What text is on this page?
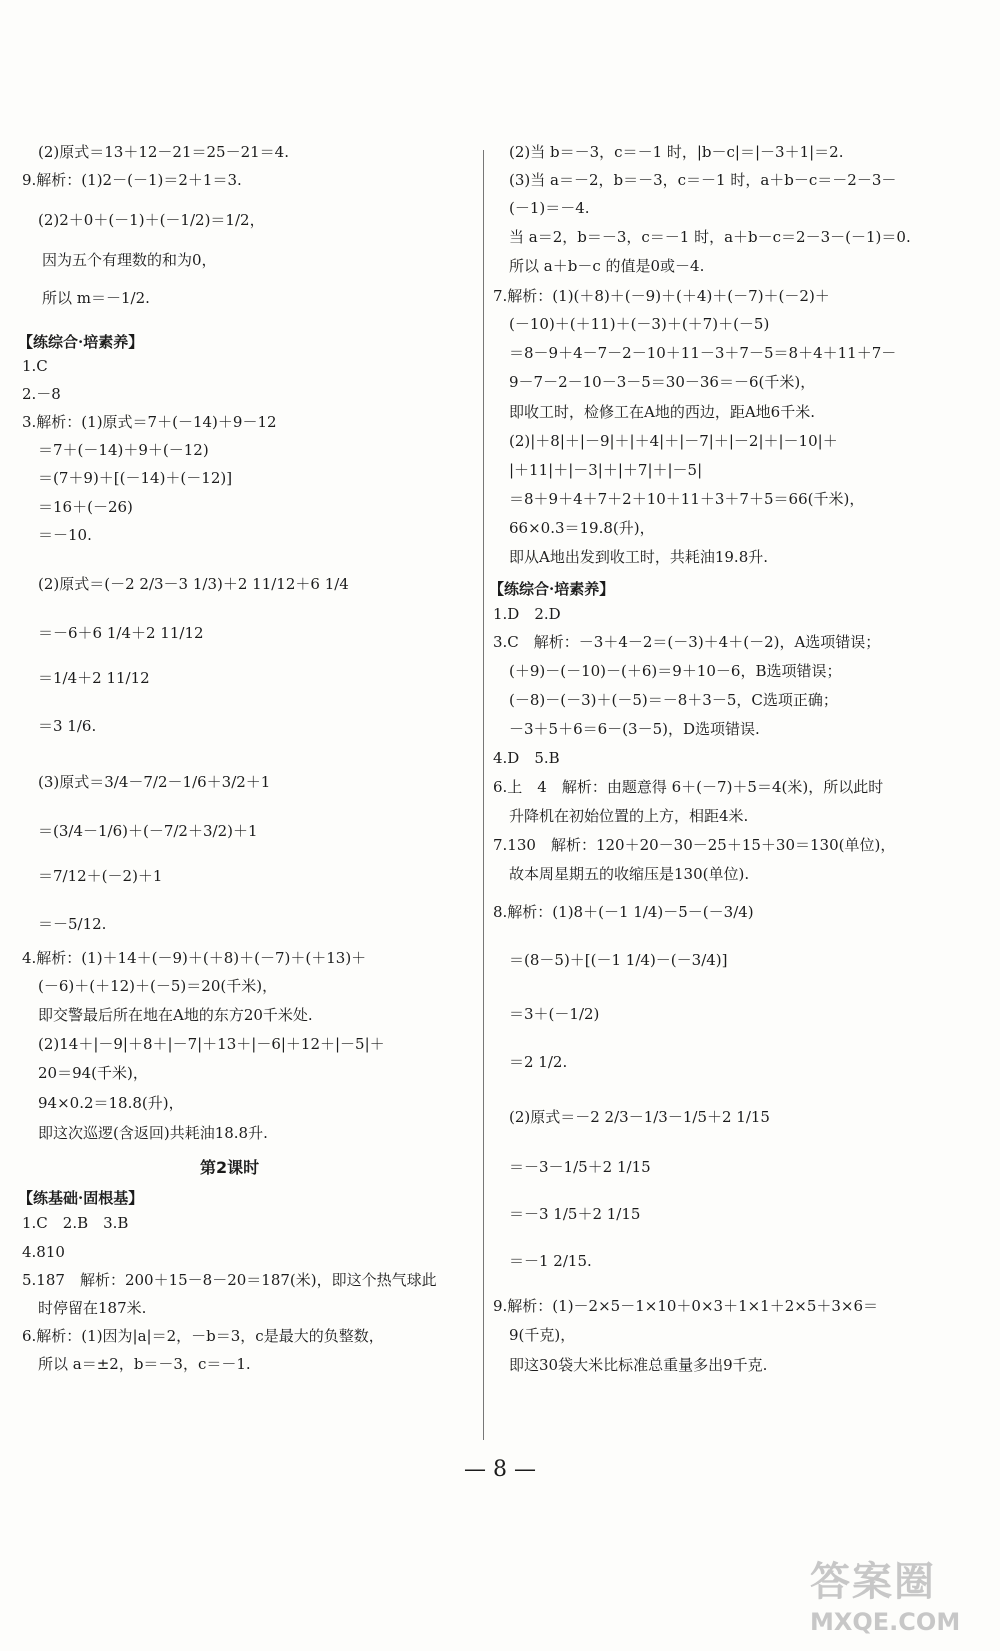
(2)原式＝13＋12－21＝25－21＝4.
9.解析：(1)2－(－1)＝2＋1＝3.
(2)2＋0＋(－1)＋(－1/2)＝1/2，
因为五个有理数的和为0，
所以 m＝－1/2.
【练综合·培素养】
1.C
2.－8
3.解析：(1)原式＝7＋(－14)＋9－12
＝7＋(－14)＋9＋(－12)
＝(7＋9)＋[(－14)＋(－12)]
＝16＋(－26)
＝－10.
(2)原式＝(－2 2/3－3 1/3)＋2 11/12＋6 1/4
＝－6＋6 1/4＋2 11/12
＝1/4＋2 11/12
＝3 1/6.
(3)原式＝3/4－7/2－1/6＋3/2＋1
＝(3/4－1/6)＋(－7/2＋3/2)＋1
＝7/12＋(－2)＋1
＝－5/12.
4.解析：(1)＋14＋(－9)＋(＋8)＋(－7)＋(＋13)＋
(－6)＋(＋12)＋(－5)＝20(千米)，
即交警最后所在地在A地的东方20千米处.
(2)14＋|－9|＋8＋|－7|＋13＋|－6|＋12＋|－5|＋
20＝94(千米)，
94×0.2＝18.8(升)，
即这次巡逻(含返回)共耗油18.8升.
第2课时
【练基础·固根基】
1.C　2.B　3.B
4.810
5.187　解析：200＋15－8－20＝187(米)，即这个热气球此
时停留在187米.
6.解析：(1)因为|a|＝2，－b＝3，c是最大的负整数，
所以 a＝±2，b＝－3，c＝－1.
(2)当 b＝－3，c＝－1 时，|b－c|＝|－3＋1|＝2.
(3)当 a＝－2，b＝－3，c＝－1 时，a＋b－c＝－2－3－
(－1)＝－4.
当 a＝2，b＝－3，c＝－1 时，a＋b－c＝2－3－(－1)＝0.
所以 a＋b－c 的值是0或－4.
7.解析：(1)(＋8)＋(－9)＋(＋4)＋(－7)＋(－2)＋
(－10)＋(＋11)＋(－3)＋(＋7)＋(－5)
＝8－9＋4－7－2－10＋11－3＋7－5＝8＋4＋11＋7－
9－7－2－10－3－5＝30－36＝－6(千米)，
即收工时，检修工在A地的西边，距A地6千米.
(2)|＋8|＋|－9|＋|＋4|＋|－7|＋|－2|＋|－10|＋
|＋11|＋|－3|＋|＋7|＋|－5|
＝8＋9＋4＋7＋2＋10＋11＋3＋7＋5＝66(千米)，
66×0.3＝19.8(升)，
即从A地出发到收工时，共耗油19.8升.
【练综合·培素养】
1.D　2.D
3.C　解析：－3＋4－2＝(－3)＋4＋(－2)，A选项错误；
(＋9)－(－10)－(＋6)＝9＋10－6，B选项错误；
(－8)－(－3)＋(－5)＝－8＋3－5，C选项正确；
－3＋5＋6＝6－(3－5)，D选项错误.
4.D　5.B
6.上　4　解析：由题意得 6＋(－7)＋5＝4(米)，所以此时
升降机在初始位置的上方，相距4米.
7.130　解析：120＋20－30－25＋15＋30＝130(单位)，
故本周星期五的收缩压是130(单位).
8.解析：(1)8＋(－1 1/4)－5－(－3/4)
＝(8－5)＋[(－1 1/4)－(－3/4)]
＝3＋(－1/2)
＝2 1/2.
(2)原式＝－2 2/3－1/3－1/5＋2 1/15
＝－3－1/5＋2 1/15
＝－3 1/5＋2 1/15
＝－1 2/15.
9.解析：(1)－2×5－1×10＋0×3＋1×1＋2×5＋3×6＝
9(千克)，
即这30袋大米比标准总重量多出9千克.
— 8 —
答案圈
MXQE.COM
